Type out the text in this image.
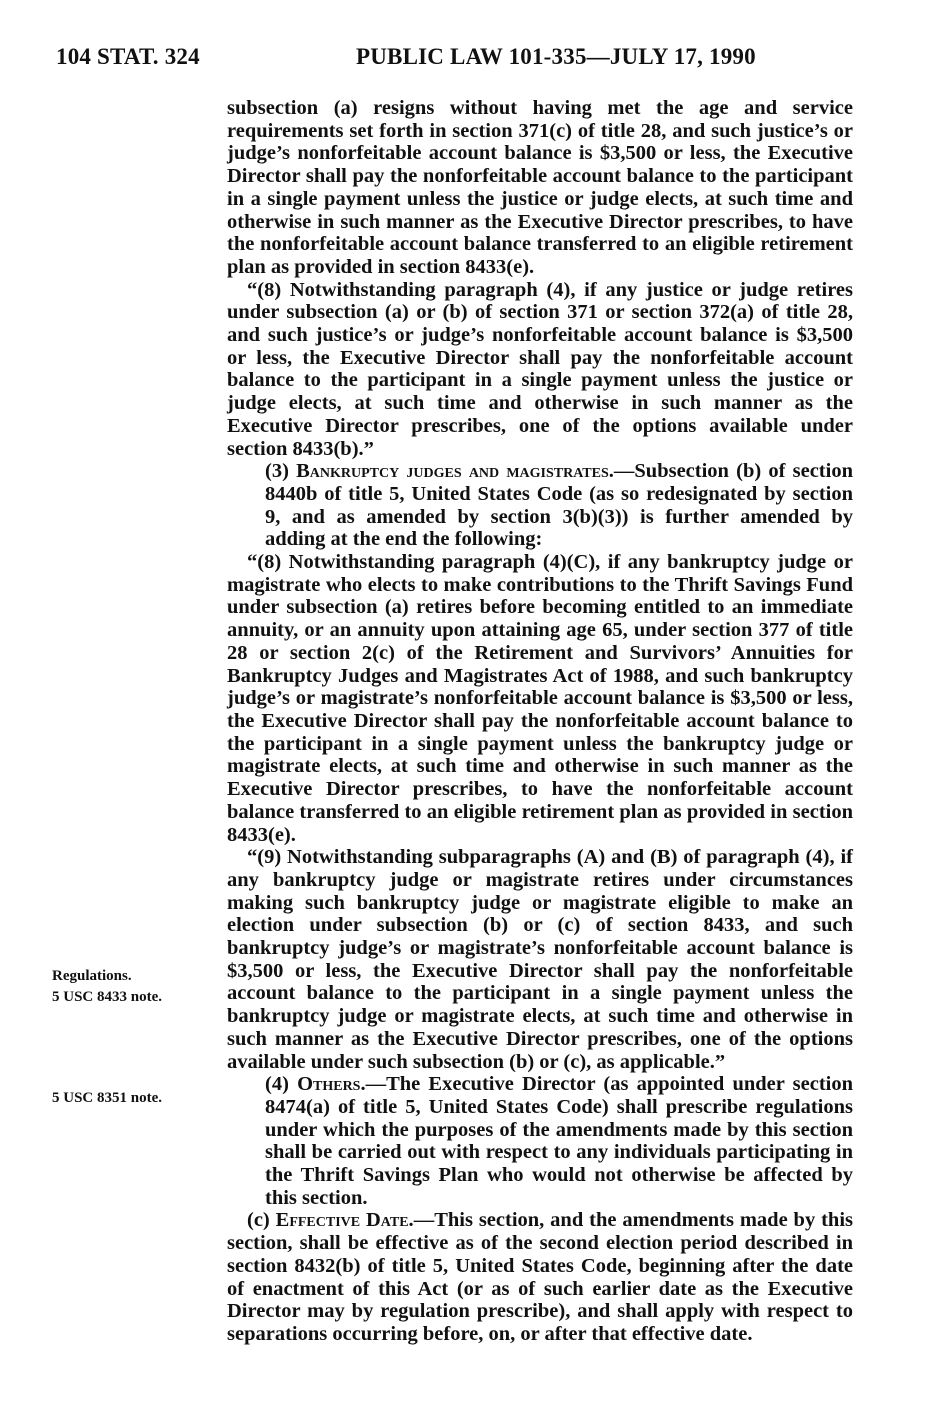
104 STAT. 324	PUBLIC LAW 101-335—JULY 17, 1990
Regulations.
5 USC 8433 note.
5 USC 8351 note.

subsection (a) resigns without having met the age and service requirements set forth in section 371(c) of title 28, and such justice’s or judge’s nonforfeitable account balance is $3,500 or less, the Executive Director shall pay the nonforfeitable account balance to the participant in a single payment unless the justice or judge elects, at such time and otherwise in such manner as the Executive Director prescribes, to have the nonforfeitable account balance transferred to an eligible retirement plan as provided in section 8433(e).

“(8) Notwithstanding paragraph (4), if any justice or judge retires under subsection (a) or (b) of section 371 or section 372(a) of title 28, and such justice’s or judge’s nonforfeitable account balance is $3,500 or less, the Executive Director shall pay the nonforfeitable account balance to the participant in a single payment unless the justice or judge elects, at such time and otherwise in such manner as the Executive Director prescribes, one of the options available under section 8433(b).”

(3) Bankruptcy judges and magistrates.—Subsection (b) of section 8440b of title 5, United States Code (as so redesignated by section 9, and as amended by section 3(b)(3)) is further amended by adding at the end the following:

“(8) Notwithstanding paragraph (4)(C), if any bankruptcy judge or magistrate who elects to make contributions to the Thrift Savings Fund under subsection (a) retires before becoming entitled to an immediate annuity, or an annuity upon attaining age 65, under section 377 of title 28 or section 2(c) of the Retirement and Survivors’ Annuities for Bankruptcy Judges and Magistrates Act of 1988, and such bankruptcy judge’s or magistrate’s nonforfeitable account balance is $3,500 or less, the Executive Director shall pay the nonforfeitable account balance to the participant in a single payment unless the bankruptcy judge or magistrate elects, at such time and otherwise in such manner as the Executive Director prescribes, to have the nonforfeitable account balance transferred to an eligible retirement plan as provided in section 8433(e).

“(9) Notwithstanding subparagraphs (A) and (B) of paragraph (4), if any bankruptcy judge or magistrate retires under circumstances making such bankruptcy judge or magistrate eligible to make an election under subsection (b) or (c) of section 8433, and such bankruptcy judge’s or magistrate’s nonforfeitable account balance is $3,500 or less, the Executive Director shall pay the nonforfeitable account balance to the participant in a single payment unless the bankruptcy judge or magistrate elects, at such time and otherwise in such manner as the Executive Director prescribes, one of the options available under such subsection (b) or (c), as applicable.”

(4) Others.—The Executive Director (as appointed under section 8474(a) of title 5, United States Code) shall prescribe regulations under which the purposes of the amendments made by this section shall be carried out with respect to any individuals participating in the Thrift Savings Plan who would not otherwise be affected by this section.

(c) Effective Date.—This section, and the amendments made by this section, shall be effective as of the second election period described in section 8432(b) of title 5, United States Code, beginning after the date of enactment of this Act (or as of such earlier date as the Executive Director may by regulation prescribe), and shall apply with respect to separations occurring before, on, or after that effective date.
